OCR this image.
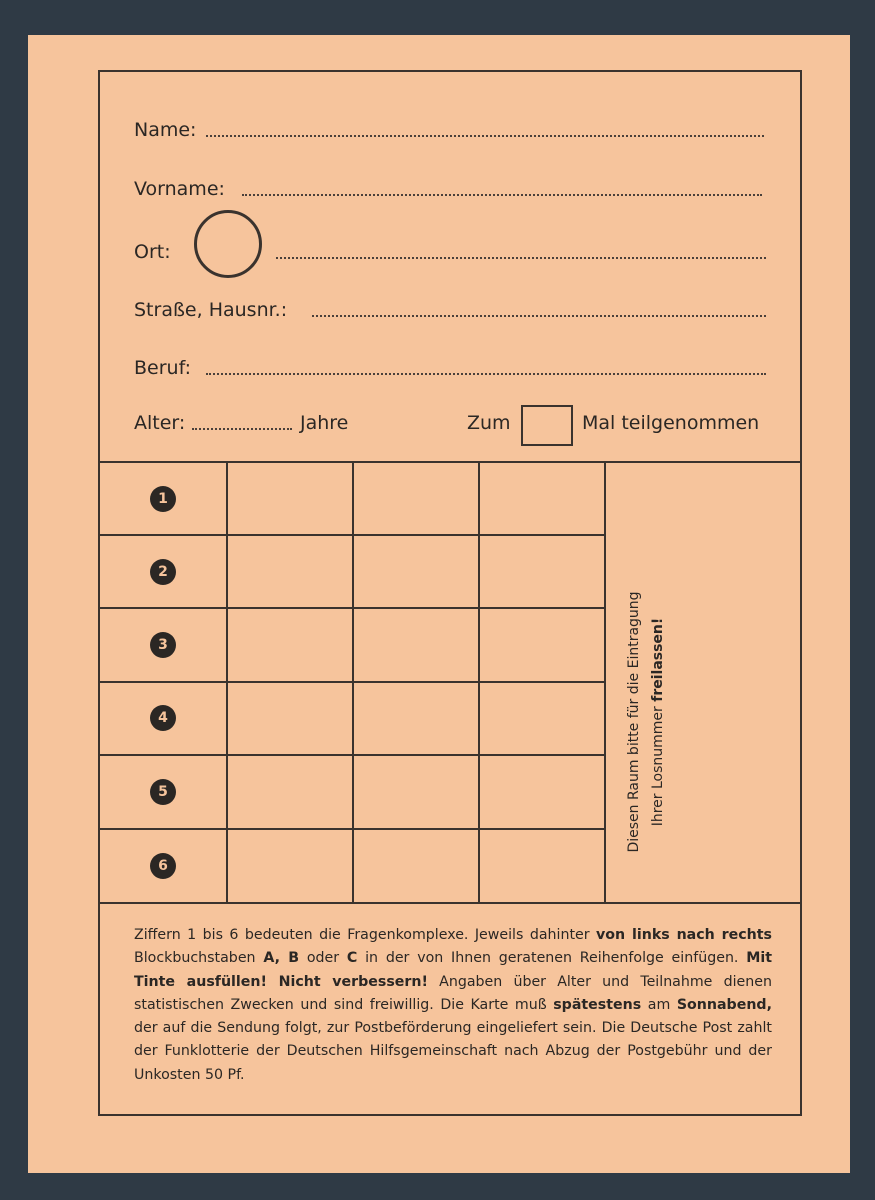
Name:
Vorname:
Ort:
Straße, Hausnr.:
Beruf:
Alter:	Jahre	Zum	Mal teilgenommen
1
2
3
4
5
6
Diesen Raum bitte für die Eintragung Ihrer Losnummer freilassen!
Ziffern 1 bis 6 bedeuten die Fragenkomplexe. Jeweils dahinter von links nach rechts Blockbuchstaben A, B oder C in der von Ihnen geratenen Reihenfolge einfügen. Mit Tinte ausfüllen! Nicht verbessern! Angaben über Alter und Teilnahme dienen statistischen Zwecken und sind freiwillig. Die Karte muß spätestens am Sonnabend, der auf die Sendung folgt, zur Postbeförderung eingeliefert sein. Die Deutsche Post zahlt der Funklotterie der Deutschen Hilfsgemeinschaft nach Abzug der Postgebühr und der Unkosten 50 Pf.
